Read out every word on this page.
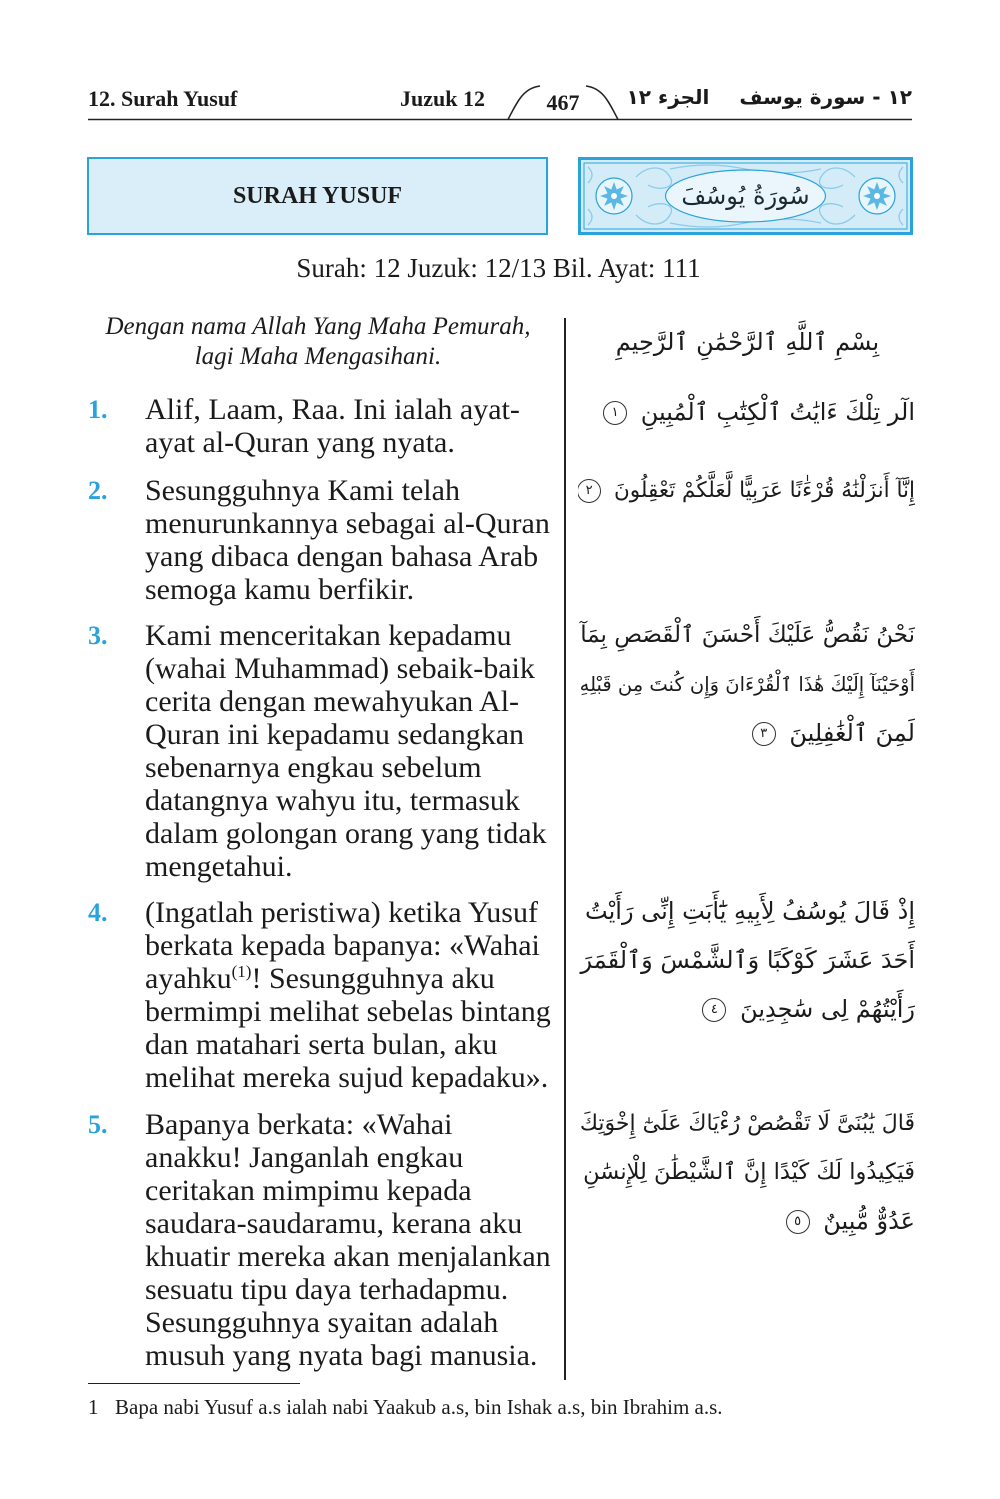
12. Surah Yusuf	Juzuk 12	467	الجزء ١٢	١٢ - سورة يوسف
SURAH YUSUF	سُورَةُ يُوسُفَ
Surah: 12 Juzuk: 12/13 Bil. Ayat: 111
Dengan nama Allah Yang Maha Pemurah,
lagi Maha Mengasihani.
بِسْمِ ٱللَّهِ ٱلرَّحْمَٰنِ ٱلرَّحِيمِ
1. Alif, Laam, Raa. Ini ialah ayat-
ayat al-Quran yang nyata.
الٓر تِلْكَ ءَايَٰتُ ٱلْكِتَٰبِ ٱلْمُبِينِ ١
2. Sesungguhnya Kami telah
menurunkannya sebagai al-Quran
yang dibaca dengan bahasa Arab
semoga kamu berfikir.
إِنَّآ أَنزَلْنَٰهُ قُرْءَٰنًا عَرَبِيًّا لَّعَلَّكُمْ تَعْقِلُونَ ٢
3. Kami menceritakan kepadamu
(wahai Muhammad) sebaik-baik
cerita dengan mewahyukan Al-
Quran ini kepadamu sedangkan
sebenarnya engkau sebelum
datangnya wahyu itu, termasuk
dalam golongan orang yang tidak
mengetahui.
نَحْنُ نَقُصُّ عَلَيْكَ أَحْسَنَ ٱلْقَصَصِ بِمَآ
أَوْحَيْنَآ إِلَيْكَ هَٰذَا ٱلْقُرْءَانَ وَإِن كُنتَ مِن قَبْلِهِ
لَمِنَ ٱلْغَٰفِلِينَ ٣
4. (Ingatlah peristiwa) ketika Yusuf
berkata kepada bapanya: «Wahai
ayahku$^{(1)}$! Sesungguhnya aku
bermimpi melihat sebelas bintang
dan matahari serta bulan, aku
melihat mereka sujud kepadaku».
إِذْ قَالَ يُوسُفُ لِأَبِيهِ يَٰٓأَبَتِ إِنِّى رَأَيْتُ
أَحَدَ عَشَرَ كَوْكَبًا وَٱلشَّمْسَ وَٱلْقَمَرَ
رَأَيْتُهُمْ لِى سَٰجِدِينَ ٤
5. Bapanya berkata: «Wahai
anakku! Janganlah engkau
ceritakan mimpimu kepada
saudara-saudaramu, kerana aku
khuatir mereka akan menjalankan
sesuatu tipu daya terhadapmu.
Sesungguhnya syaitan adalah
musuh yang nyata bagi manusia.
قَالَ يَٰبُنَىَّ لَا تَقْصُصْ رُءْيَاكَ عَلَىٰٓ إِخْوَتِكَ
فَيَكِيدُوا لَكَ كَيْدًا إِنَّ ٱلشَّيْطَٰنَ لِلْإِنسَٰنِ
عَدُوٌّ مُّبِينٌ ٥
1 Bapa nabi Yusuf a.s ialah nabi Yaakub a.s, bin Ishak a.s, bin Ibrahim a.s.
